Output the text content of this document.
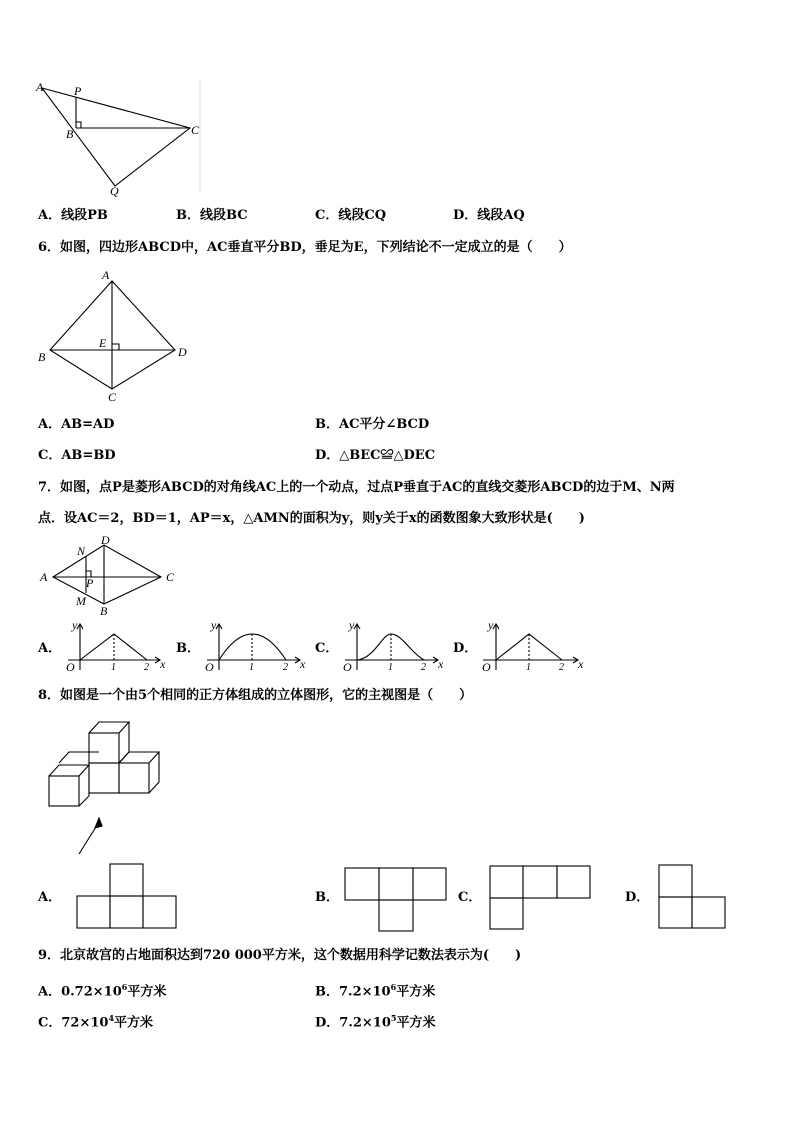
A	P
B	C
Q
A．线段PB	B．线段BC	C．线段CQ	D．线段AQ
6．如图，四边形ABCD中，AC垂直平分BD，垂足为E，下列结论不一定成立的是（　　）
A
B
C
D
E
A．AB=AD	B．AC平分∠BCD
C．AB=BD	D．△BEC≌△DEC
7．如图，点P是菱形ABCD的对角线AC上的一个动点，过点P垂直于AC的直线交菱形ABCD的边于M、N两
点．设AC＝2，BD＝1，AP＝x，△AMN的面积为y，则y关于x的函数图象大致形状是(　　)
A
D
C
B
N
M
P
A．	B．	C．	D．
y
x
O	1	2
y
x
O	1	2
y
x
O	1	2
y
x
O	1	2
8．如图是一个由5个相同的正方体组成的立体图形，它的主视图是（　　）
A．	B．	C．	D．
9．北京故宫的占地面积达到720 000平方米，这个数据用科学记数法表示为(　　)
A．$0.72\times 10^6$平方米	B．$7.2\times 10^6$平方米
C．$72\times 10^4$平方米	D．$7.2\times 10^5$平方米
